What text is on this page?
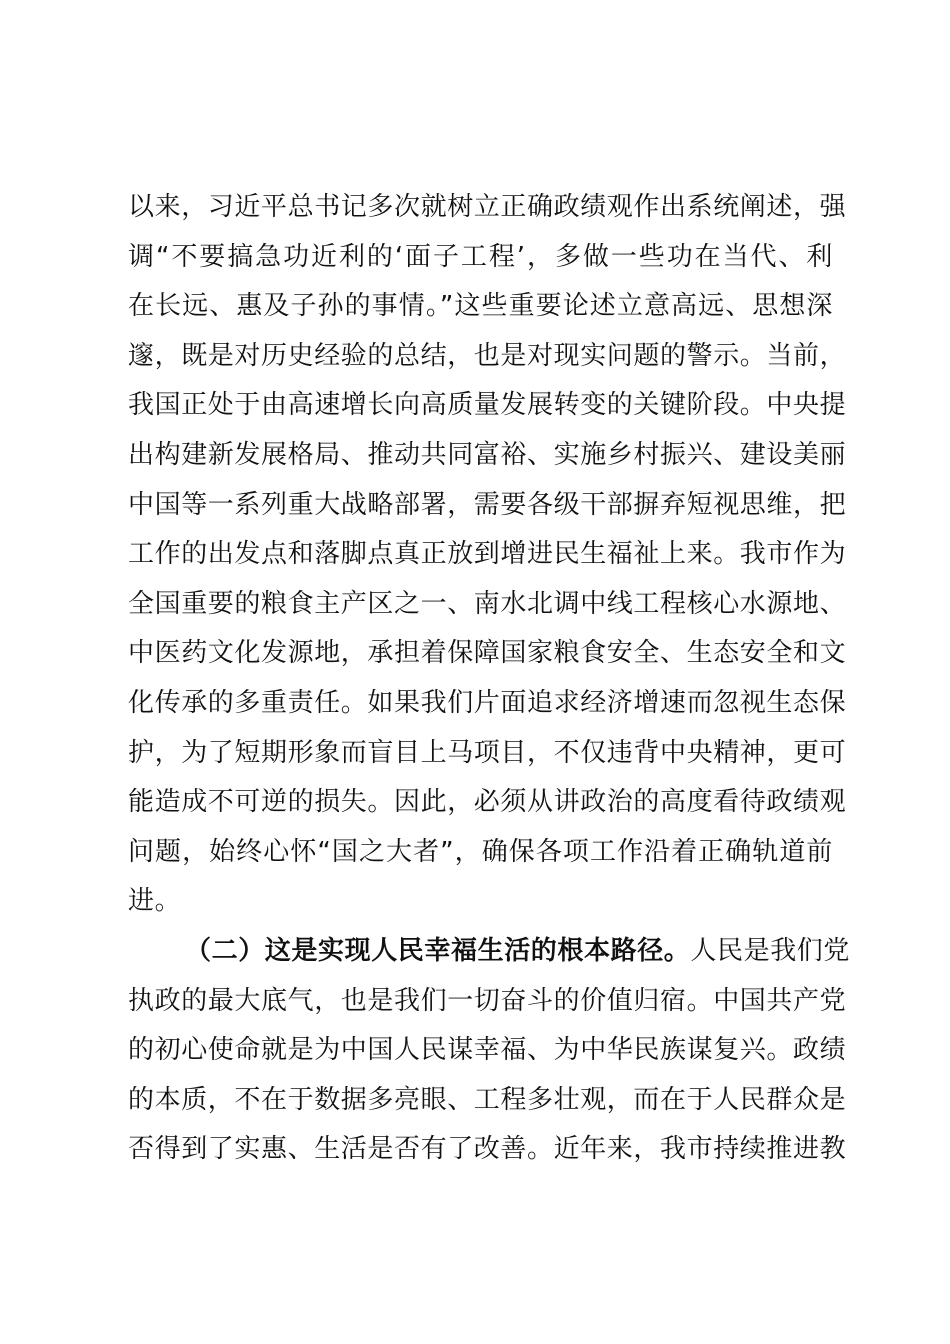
以来，习近平总书记多次就树立正确政绩观作出系统阐述，强
调“不要搞急功近利的‘面子工程’，多做一些功在当代、利
在长远、惠及子孙的事情。”这些重要论述立意高远、思想深
邃，既是对历史经验的总结，也是对现实问题的警示。当前，
我国正处于由高速增长向高质量发展转变的关键阶段。中央提
出构建新发展格局、推动共同富裕、实施乡村振兴、建设美丽
中国等一系列重大战略部署，需要各级干部摒弃短视思维，把
工作的出发点和落脚点真正放到增进民生福祉上来。我市作为
全国重要的粮食主产区之一、南水北调中线工程核心水源地、
中医药文化发源地，承担着保障国家粮食安全、生态安全和文
化传承的多重责任。如果我们片面追求经济增速而忽视生态保
护，为了短期形象而盲目上马项目，不仅违背中央精神，更可
能造成不可逆的损失。因此，必须从讲政治的高度看待政绩观
问题，始终心怀“国之大者”，确保各项工作沿着正确轨道前
进。
（二）这是实现人民幸福生活的根本路径。人民是我们党
执政的最大底气，也是我们一切奋斗的价值归宿。中国共产党
的初心使命就是为中国人民谋幸福、为中华民族谋复兴。政绩
的本质，不在于数据多亮眼、工程多壮观，而在于人民群众是
否得到了实惠、生活是否有了改善。近年来，我市持续推进教
